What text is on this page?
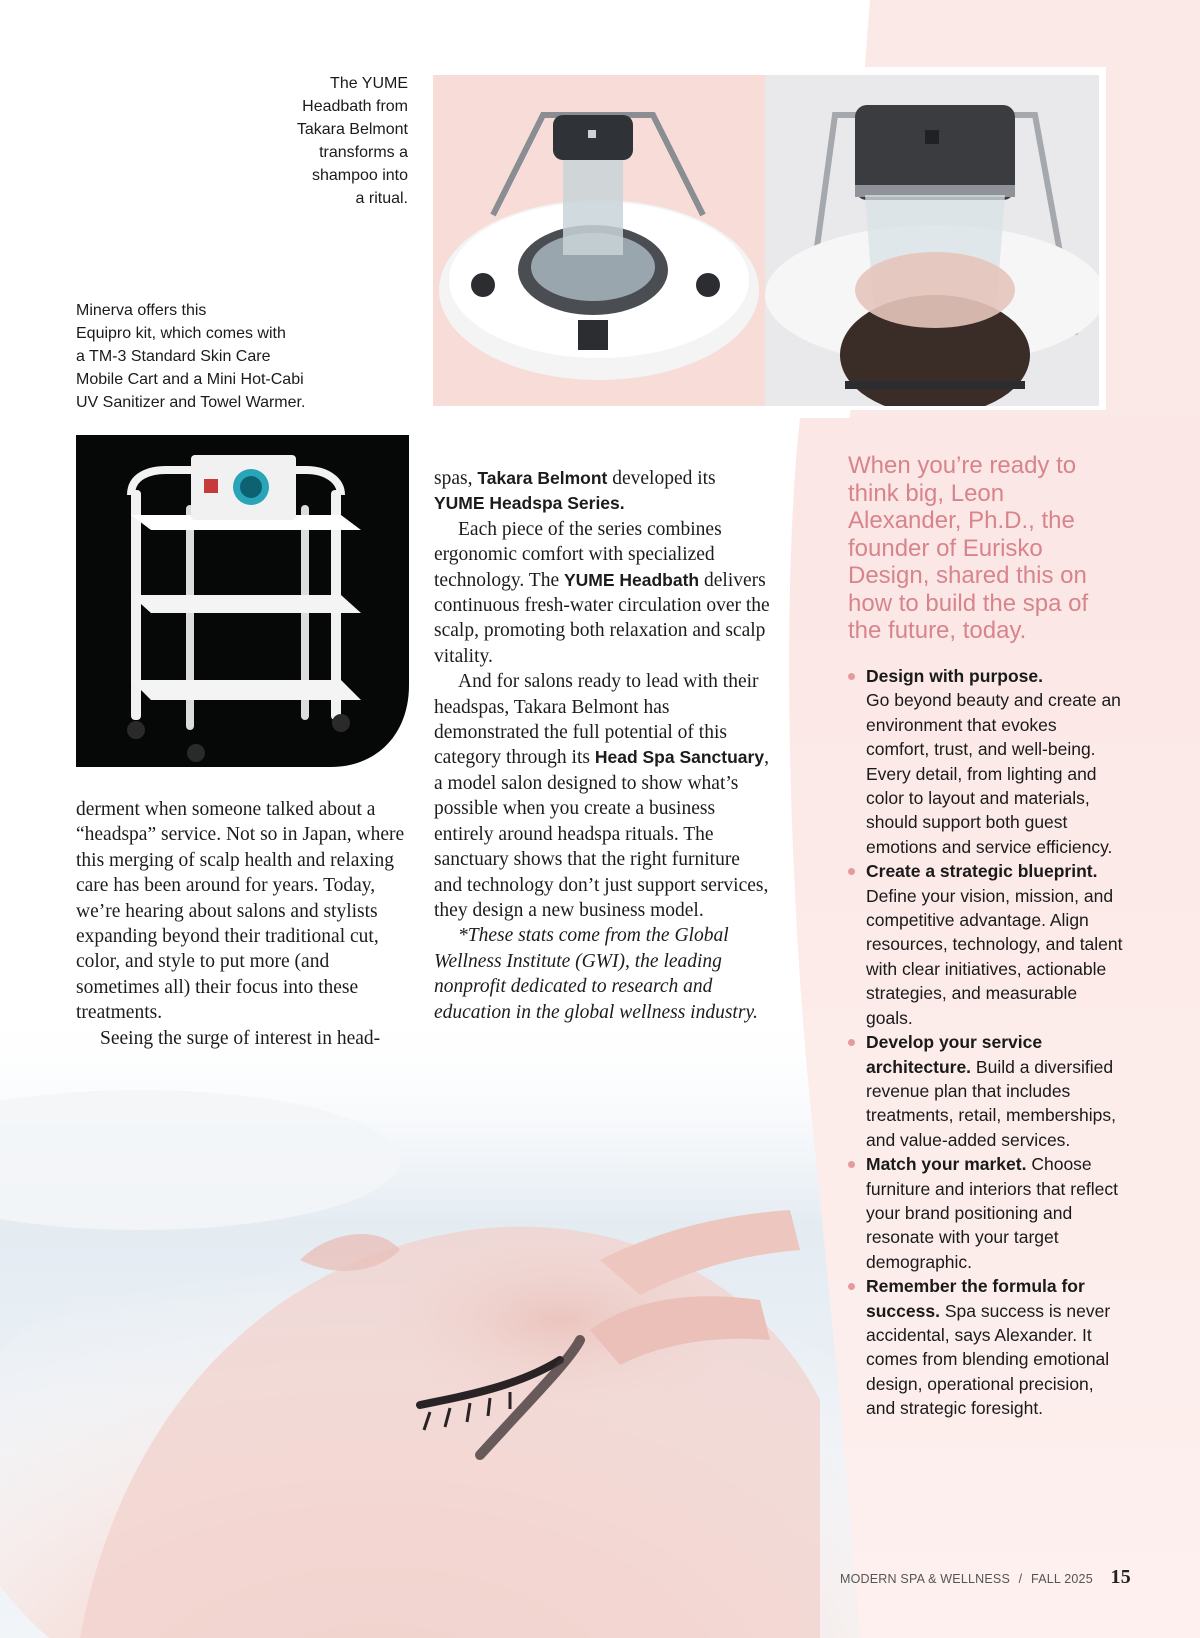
The YUME
Headbath from
Takara Belmont
transforms a
shampoo into
a ritual.
Minerva offers this
Equipro kit, which comes with
a TM-3 Standard Skin Care
Mobile Cart and a Mini Hot-Cabi
UV Sanitizer and Towel Warmer.

derment when someone talked about a “headspa” service. Not so in Japan, where this merging of scalp health and relaxing care has been around for years. Today, we’re hearing about salons and stylists expanding beyond their traditional cut, color, and style to put more (and sometimes all) their focus into these treatments.

Seeing the surge of interest in head-

spas, Takara Belmont developed its YUME Headspa Series.

Each piece of the series combines ergonomic comfort with specialized technology. The YUME Headbath delivers continuous fresh-water circulation over the scalp, promoting both relaxation and scalp vitality.

And for salons ready to lead with their headspas, Takara Belmont has demonstrated the full potential of this category through its Head Spa Sanctuary, a model salon designed to show what’s possible when you create a business entirely around headspa rituals. The sanctuary shows that the right furniture and technology don’t just support services, they design a new business model.

*These stats come from the Global Wellness Institute (GWI), the leading nonprofit dedicated to research and education in the global wellness industry.

When you’re ready to think big, Leon Alexander, Ph.D., the founder of Eurisko Design, shared this on how to build the spa of the future, today.
Design with purpose.
Go beyond beauty and create an environment that evokes comfort, trust, and well-being. Every detail, from lighting and color to layout and materials, should support both guest emotions and service efficiency.
Create a strategic blueprint.
Define your vision, mission, and competitive advantage. Align resources, technology, and talent with clear initiatives, actionable strategies, and measurable goals.
Develop your service architecture. Build a diversified revenue plan that includes treatments, retail, memberships, and value-added services.
Match your market. Choose furniture and interiors that reflect your brand positioning and resonate with your target demographic.
Remember the formula for success. Spa success is never accidental, says Alexander. It comes from blending emotional design, operational precision, and strategic foresight.
MODERN SPA & WELLNESS / FALL 2025 15
